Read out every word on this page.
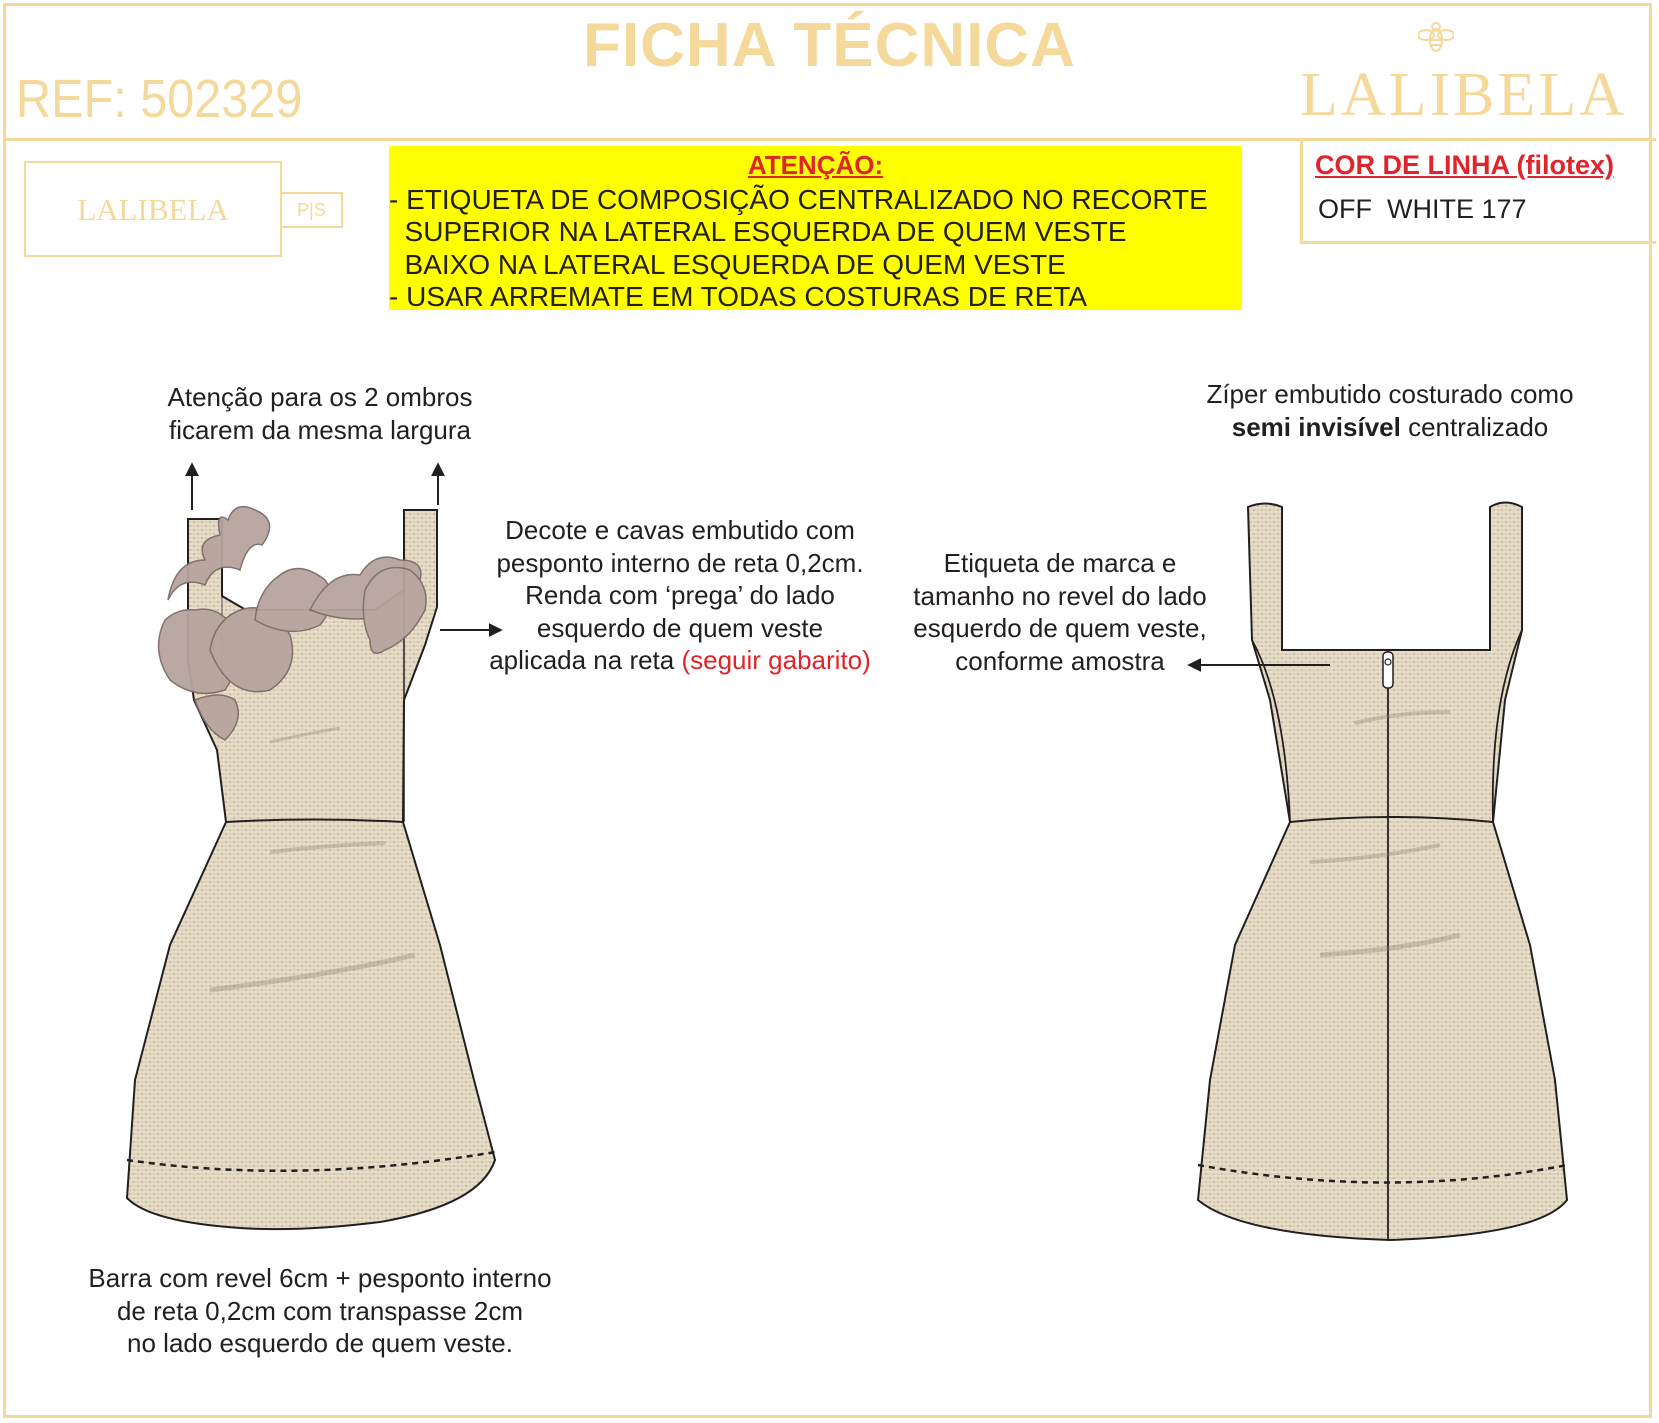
FICHA TÉCNICA
REF: 502329	LALIBELA
LALIBELA	P|S
ATENÇÃO:
- ETIQUETA DE COMPOSIÇÃO CENTRALIZADO NO RECORTE
SUPERIOR NA LATERAL ESQUERDA DE QUEM VESTE
BAIXO NA LATERAL ESQUERDA DE QUEM VESTE
- USAR ARREMATE EM TODAS COSTURAS DE RETA
COR DE LINHA (filotex)
OFF  WHITE 177
Atenção para os 2 ombros
ficarem da mesma largura
Decote e cavas embutido com
pesponto interno de reta 0,2cm.
Renda com ‘prega’ do lado
esquerdo de quem veste
aplicada na reta (seguir gabarito)
Etiqueta de marca e
tamanho no revel do lado
esquerdo de quem veste,
conforme amostra
Zíper embutido costurado como
semi invisível centralizado
Barra com revel 6cm + pesponto interno
de reta 0,2cm com transpasse 2cm
no lado esquerdo de quem veste.
